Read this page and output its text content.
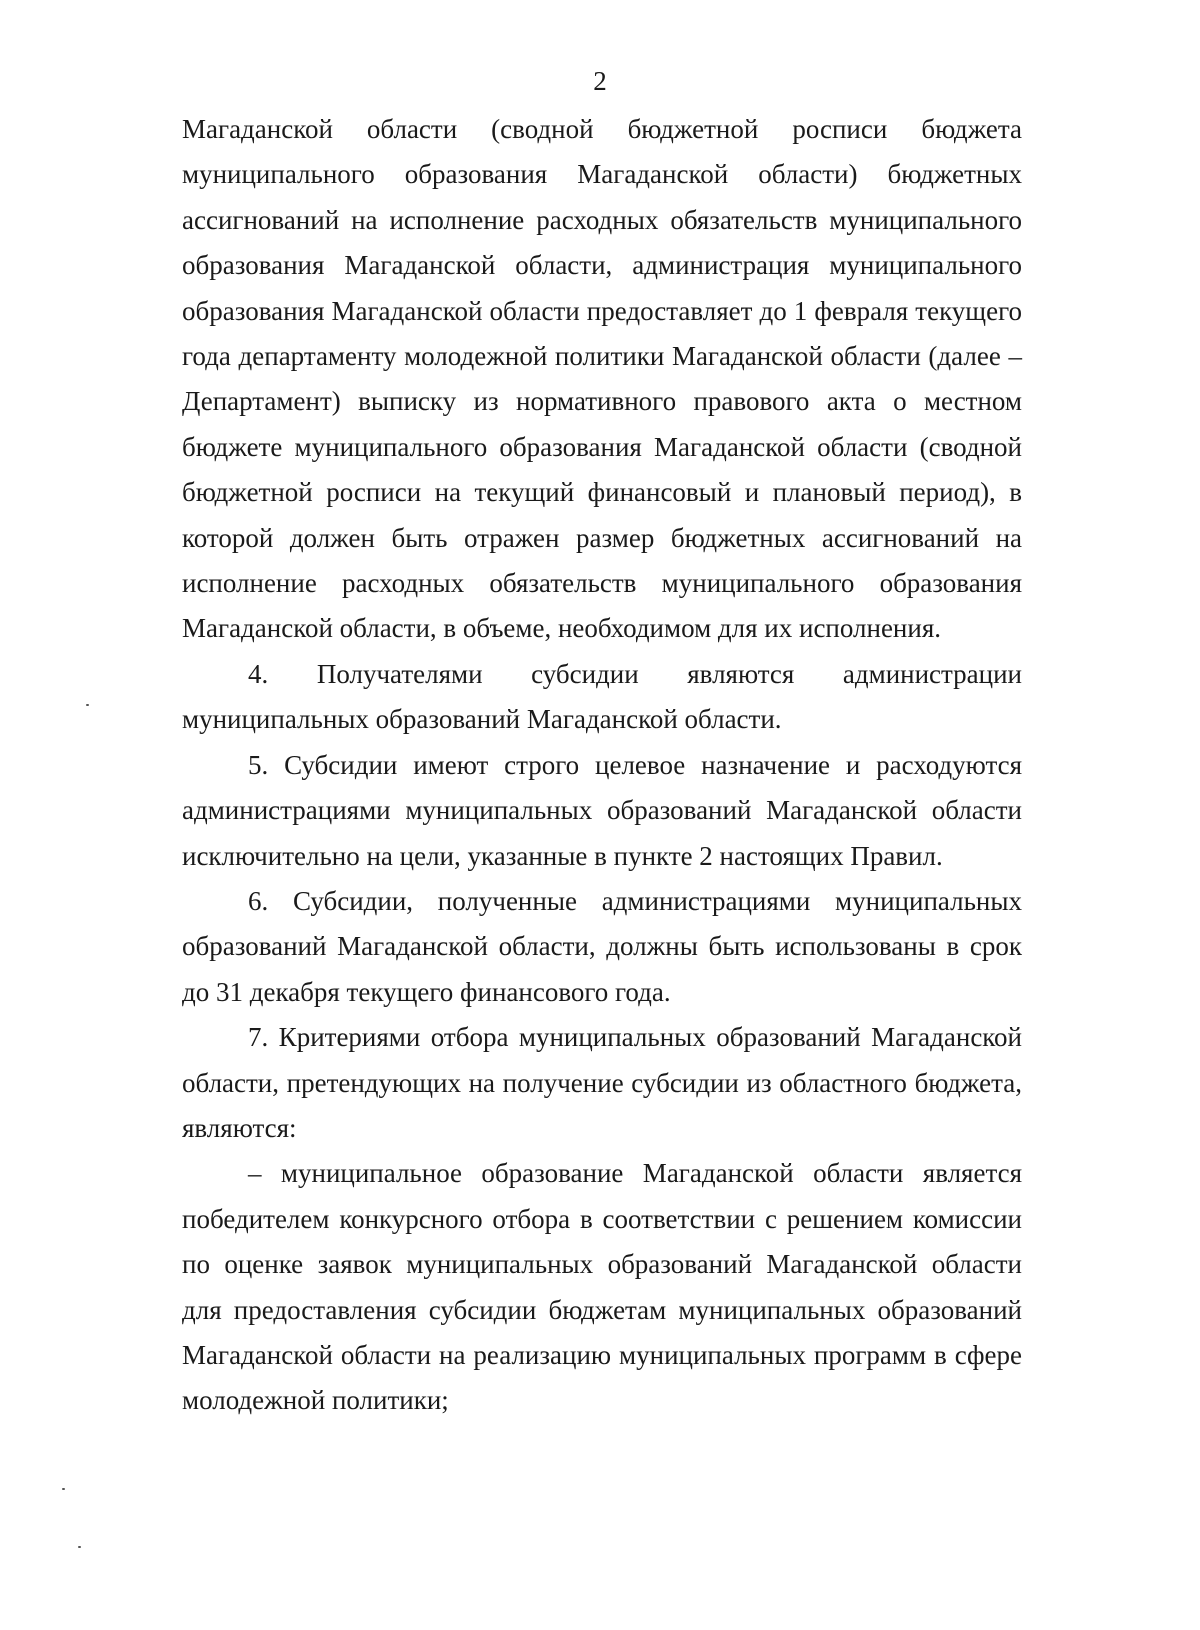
2

Магаданской области (сводной бюджетной росписи бюджета муниципального образования Магаданской области) бюджетных ассигнований на исполнение расходных обязательств муниципального образования Магаданской области, администрация муниципального образования Магаданской области предоставляет до 1 февраля текущего года департаменту молодежной политики Магаданской области (далее – Департамент) выписку из нормативного правового акта о местном бюджете муниципального образования Магаданской области (сводной бюджетной росписи на текущий финансовый и плановый период), в которой должен быть отражен размер бюджетных ассигнований на исполнение расходных обязательств муниципального образования Магаданской области, в объеме, необходимом для их исполнения.

4. Получателями субсидии являются администрации муниципальных образований Магаданской области.

5. Субсидии имеют строго целевое назначение и расходуются администрациями муниципальных образований Магаданской области исключительно на цели, указанные в пункте 2 настоящих Правил.

6. Субсидии, полученные администрациями муниципальных образований Магаданской области, должны быть использованы в срок до 31 декабря текущего финансового года.

7. Критериями отбора муниципальных образований Магаданской области, претендующих на получение субсидии из областного бюджета, являются:

– муниципальное образование Магаданской области является победителем конкурсного отбора в соответствии с решением комиссии по оценке заявок муниципальных образований Магаданской области для предоставления субсидии бюджетам муниципальных образований Магаданской области на реализацию муниципальных программ в сфере молодежной политики;
